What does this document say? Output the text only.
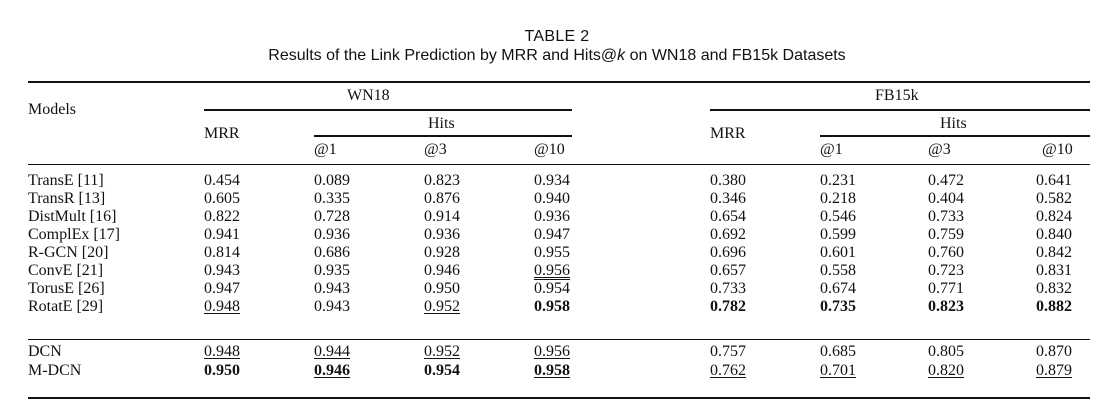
TABLE 2
Results of the Link Prediction by MRR and Hits@k on WN18 and FB15k Datasets
Models
WN18	FB15k
MRR
Hits
MRR
Hits
@1	@3	@10	@1	@3	@10
TransE [11]	0.454	0.089	0.823	0.934	0.380	0.231	0.472	0.641
TransR [13]	0.605	0.335	0.876	0.940	0.346	0.218	0.404	0.582
DistMult [16]	0.822	0.728	0.914	0.936	0.654	0.546	0.733	0.824
ComplEx [17]	0.941	0.936	0.936	0.947	0.692	0.599	0.759	0.840
R-GCN [20]	0.814	0.686	0.928	0.955	0.696	0.601	0.760	0.842
ConvE [21]	0.943	0.935	0.946	0.956	0.657	0.558	0.723	0.831
TorusE [26]	0.947	0.943	0.950	0.954	0.733	0.674	0.771	0.832
RotatE [29]	0.948	0.943	0.952	0.958	0.782	0.735	0.823	0.882
DCN	0.948	0.944	0.952	0.956	0.757	0.685	0.805	0.870
M-DCN	0.950	0.946	0.954	0.958	0.762	0.701	0.820	0.879
